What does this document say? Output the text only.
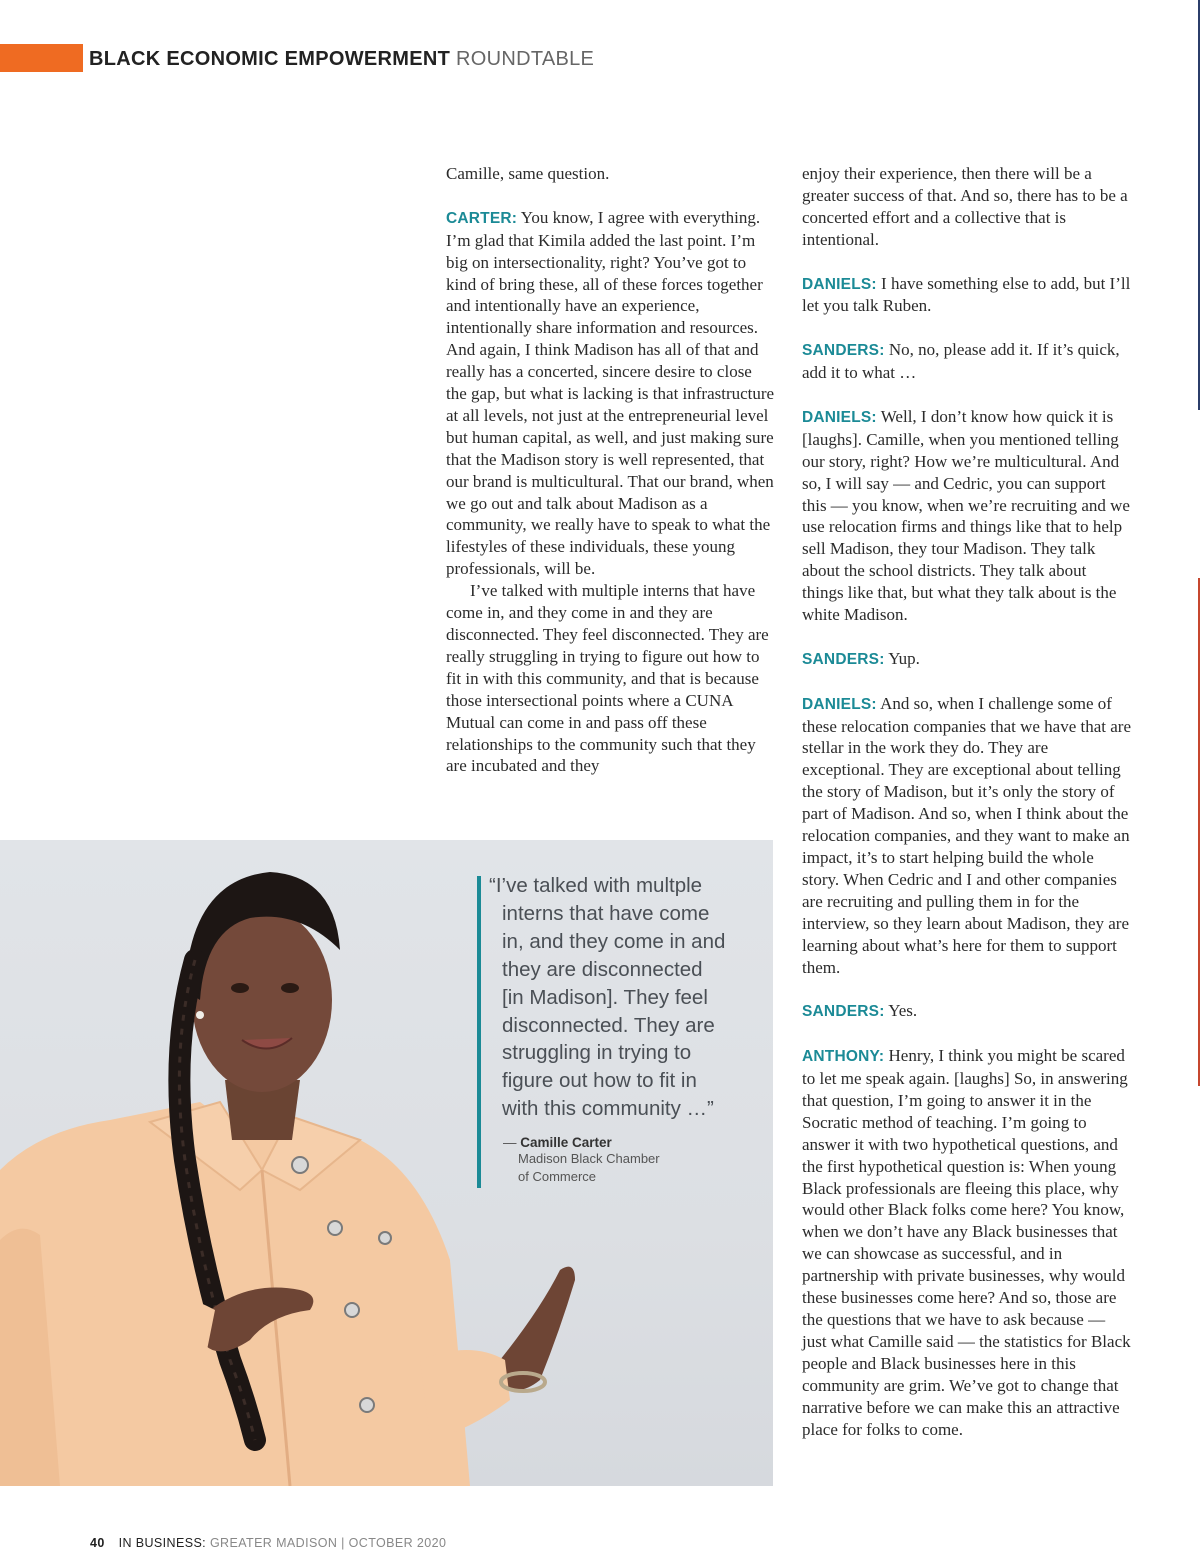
BLACK ECONOMIC EMPOWERMENT ROUNDTABLE

Camille, same question.

CARTER: You know, I agree with everything. I’m glad that Kimila added the last point. I’m big on intersectionality, right? You’ve got to kind of bring these, all of these forces together and intentionally have an experience, intentionally share information and resources. And again, I think Madison has all of that and really has a concerted, sincere desire to close the gap, but what is lacking is that infrastructure at all levels, not just at the entrepreneurial level but human capital, as well, and just making sure that the Madison story is well represented, that our brand is multicultural. That our brand, when we go out and talk about Madison as a community, we really have to speak to what the lifestyles of these individuals, these young professionals, will be.

I’ve talked with multiple interns that have come in, and they come in and they are disconnected. They feel disconnected. They are really struggling in trying to figure out how to fit in with this community, and that is because those intersectional points where a CUNA Mutual can come in and pass off these relationships to the community such that they are incubated and they

enjoy their experience, then there will be a greater success of that. And so, there has to be a concerted effort and a collective that is intentional.

DANIELS: I have something else to add, but I’ll let you talk Ruben.

SANDERS: No, no, please add it. If it’s quick, add it to what …

DANIELS: Well, I don’t know how quick it is [laughs]. Camille, when you mentioned telling our story, right? How we’re multicultural. And so, I will say — and Cedric, you can support this — you know, when we’re recruiting and we use relocation firms and things like that to help sell Madison, they tour Madison. They talk about the school districts. They talk about things like that, but what they talk about is the white Madison.

SANDERS: Yup.

DANIELS: And so, when I challenge some of these relocation companies that we have that are stellar in the work they do. They are exceptional. They are exceptional about telling the story of Madison, but it’s only the story of part of Madison. And so, when I think about the relocation companies, and they want to make an impact, it’s to start helping build the whole story. When Cedric and I and other companies are recruiting and pulling them in for the interview, so they learn about Madison, they are learning about what’s here for them to support them.

SANDERS: Yes.

ANTHONY: Henry, I think you might be scared to let me speak again. [laughs] So, in answering that question, I’m going to answer it in the Socratic method of teaching. I’m going to answer it with two hypothetical questions, and the first hypothetical question is: When young Black professionals are fleeing this place, why would other Black folks come here? You know, when we don’t have any Black businesses that we can showcase as successful, and in partnership with private businesses, why would these businesses come here? And so, those are the questions that we have to ask because — just what Camille said — the statistics for Black people and Black businesses here in this community are grim. We’ve got to change that narrative before we can make this an attractive place for folks to come.

“I’ve talked with multple
interns that have come
in, and they come in and
they are disconnected
[in Madison]. They feel
disconnected. They are
struggling in trying to
figure out how to fit in
with this community …”
— Camille Carter
Madison Black Chamber
of Commerce
40 IN BUSINESS: GREATER MADISON | OCTOBER 2020
